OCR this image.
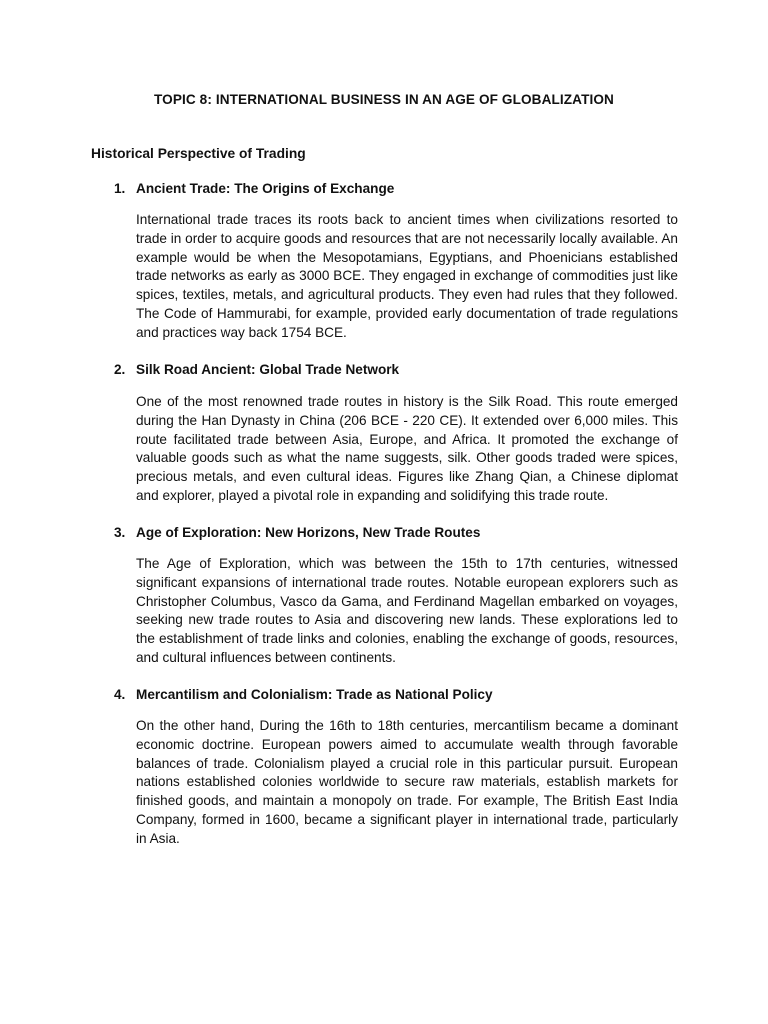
TOPIC 8: INTERNATIONAL BUSINESS IN AN AGE OF GLOBALIZATION
Historical Perspective of Trading
1. Ancient Trade: The Origins of Exchange

International trade traces its roots back to ancient times when civilizations resorted to trade in order to acquire goods and resources that are not necessarily locally available. An example would be when the Mesopotamians, Egyptians, and Phoenicians established trade networks as early as 3000 BCE. They engaged in exchange of commodities just like spices, textiles, metals, and agricultural products. They even had rules that they followed. The Code of Hammurabi, for example, provided early documentation of trade regulations and practices way back 1754 BCE.

2. Silk Road Ancient: Global Trade Network

One of the most renowned trade routes in history is the Silk Road. This route emerged during the Han Dynasty in China (206 BCE - 220 CE). It extended over 6,000 miles. This route facilitated trade between Asia, Europe, and Africa. It promoted the exchange of valuable goods such as what the name suggests, silk. Other goods traded were spices, precious metals, and even cultural ideas. Figures like Zhang Qian, a Chinese diplomat and explorer, played a pivotal role in expanding and solidifying this trade route.

3. Age of Exploration: New Horizons, New Trade Routes

The Age of Exploration, which was between the 15th to 17th centuries, witnessed significant expansions of international trade routes. Notable european explorers such as Christopher Columbus, Vasco da Gama, and Ferdinand Magellan embarked on voyages, seeking new trade routes to Asia and discovering new lands. These explorations led to the establishment of trade links and colonies, enabling the exchange of goods, resources, and cultural influences between continents.

4. Mercantilism and Colonialism: Trade as National Policy

On the other hand, During the 16th to 18th centuries, mercantilism became a dominant economic doctrine. European powers aimed to accumulate wealth through favorable balances of trade. Colonialism played a crucial role in this particular pursuit. European nations established colonies worldwide to secure raw materials, establish markets for finished goods, and maintain a monopoly on trade. For example, The British East India Company, formed in 1600, became a significant player in international trade, particularly in Asia.
